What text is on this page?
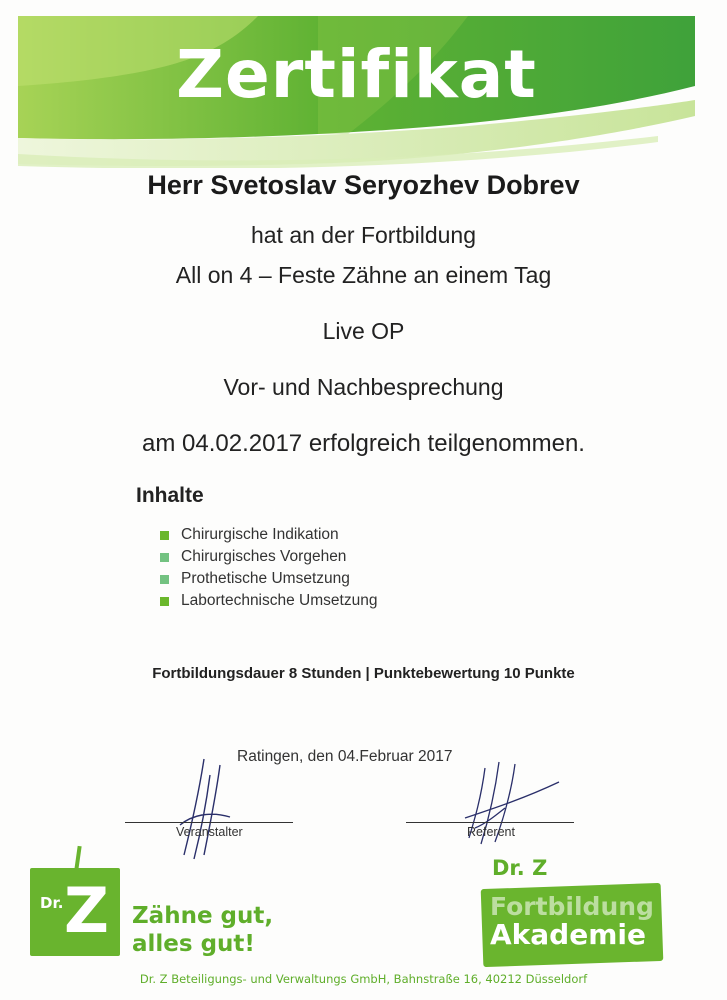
Zertifikat
Herr Svetoslav Seryozhev Dobrev
hat an der Fortbildung
All on 4 – Feste Zähne an einem Tag
Live OP
Vor- und Nachbesprechung
am 04.02.2017 erfolgreich teilgenommen.
Inhalte
Chirurgische Indikation
Chirurgisches Vorgehen
Prothetische Umsetzung
Labortechnische Umsetzung
Fortbildungsdauer 8 Stunden | Punktebewertung 10 Punkte
Ratingen, den 04.Februar 2017
Veranstalter	Referent
Dr. Z Zähne gut,
alles gut!
Dr. Z
Fortbildung
Akademie
Dr. Z Beteiligungs- und Verwaltungs GmbH, Bahnstraße 16, 40212 Düsseldorf
